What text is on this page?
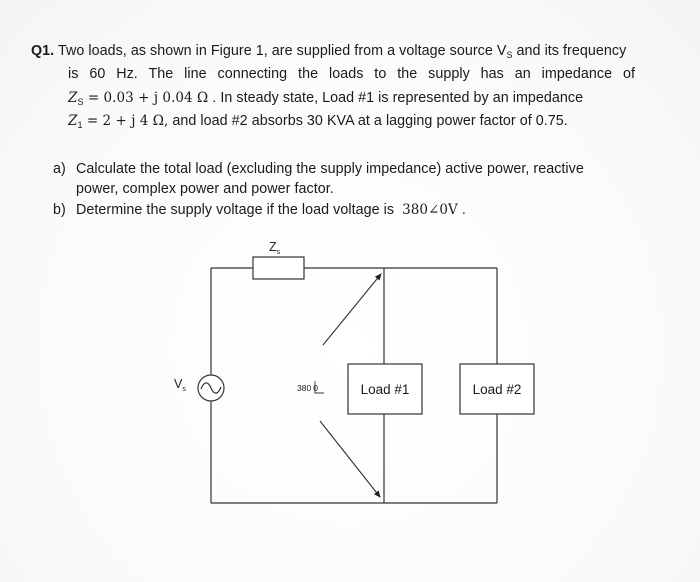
Q1. Two loads, as shown in Figure 1, are supplied from a voltage source $V_S$ and its frequency
is 60 Hz. The line connecting the loads to the supply has an impedance of
$Z_S = 0.03 + j$ 0.04 Ω . In steady state, Load #1 is represented by an impedance
$Z_1 = 2 + j$ 4 Ω, and load #2 absorbs 30 KVA at a lagging power factor of 0.75.
a) Calculate the total load (excluding the supply impedance) active power, reactive
power, complex power and power factor.
b) Determine the supply voltage if the load voltage is 380∠0V .
$Z_s$
$V_s$	380 0	Load #1	Load #2
